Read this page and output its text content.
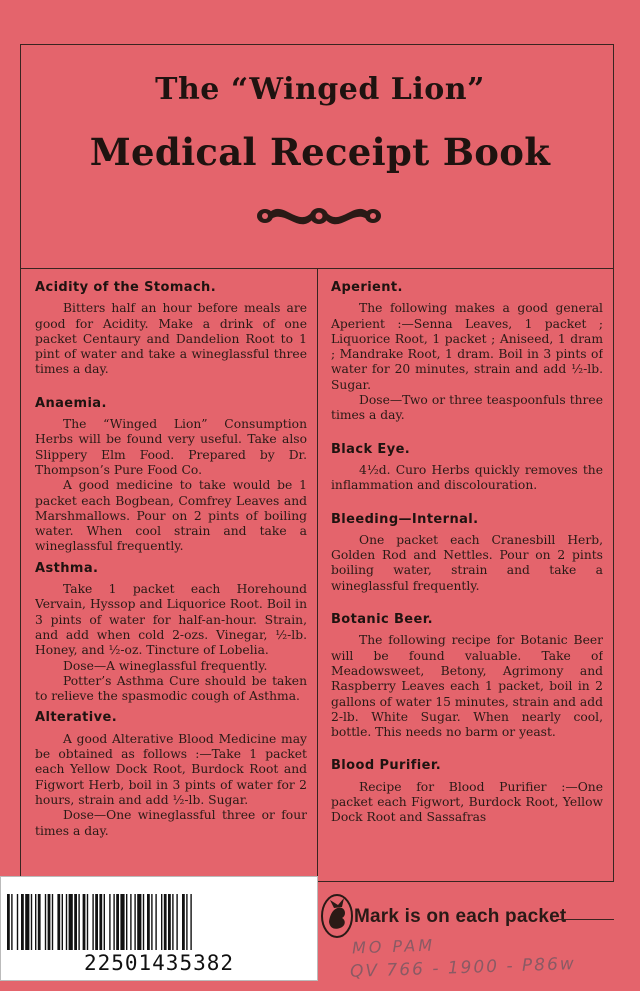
The “Winged Lion”
Medical Receipt Book
Acidity of the Stomach.

Bitters half an hour before meals are good for Acidity. Make a drink of one packet Centaury and Dandelion Root to 1 pint of water and take a wineglassful three times a day.

Anaemia.

The “Winged Lion” Consumption Herbs will be found very useful. Take also Slippery Elm Food. Prepared by Dr. Thompson’s Pure Food Co.

A good medicine to take would be 1 packet each Bogbean, Comfrey Leaves and Marshmallows. Pour on 2 pints of boiling water. When cool strain and take a wineglassful frequently.

Asthma.

Take 1 packet each Horehound Vervain, Hyssop and Liquorice Root. Boil in 3 pints of water for half-an-hour. Strain, and add when cold 2-ozs. Vinegar, ½-lb. Honey, and ½-oz. Tincture of Lobelia.

Dose—A wineglassful frequently.

Potter’s Asthma Cure should be taken to relieve the spasmodic cough of Asthma.

Alterative.

A good Alterative Blood Medicine may be obtained as follows :—Take 1 packet each Yellow Dock Root, Burdock Root and Figwort Herb, boil in 3 pints of water for 2 hours, strain and add ½-lb. Sugar.

Dose—One wineglassful three or four times a day.

Aperient.

The following makes a good general Aperient :—Senna Leaves, 1 packet ; Liquorice Root, 1 packet ; Aniseed, 1 dram ; Mandrake Root, 1 dram. Boil in 3 pints of water for 20 minutes, strain and add ½-lb. Sugar.

Dose—Two or three teaspoonfuls three times a day.

Black Eye.

4½d. Curo Herbs quickly removes the inflammation and discolouration.

Bleeding—Internal.

One packet each Cranesbill Herb, Golden Rod and Nettles. Pour on 2 pints boiling water, strain and take a wineglassful frequently.

Botanic Beer.

The following recipe for Botanic Beer will be found valuable. Take of Meadowsweet, Betony, Agrimony and Raspberry Leaves each 1 packet, boil in 2 gallons of water 15 minutes, strain and add 2-lb. White Sugar. When nearly cool, bottle. This needs no barm or yeast.

Blood Purifier.

Recipe for Blood Purifier :—One packet each Figwort, Burdock Root, Yellow Dock Root and Sassafras

22501435382
Mark is on each packet
MO PAM
QV 766 - 1900 - P86w
